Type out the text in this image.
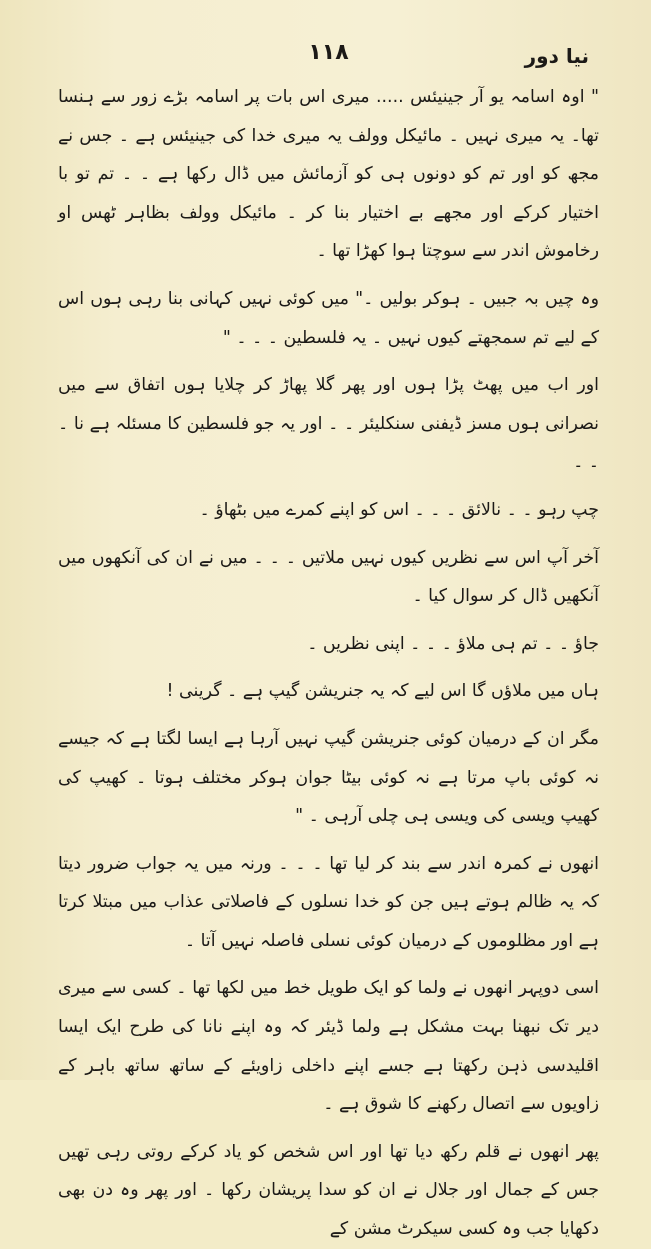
نیا دور
۱۱۸

" اوہ اسامہ یو آر جینیئس ..... میری اس بات پر اسامہ بڑے زور سے ہنسا تھا۔ یہ میری نہیں ۔ مائیکل وولف یہ میری خدا کی جینیئس ہے ۔ جس نے مجھ کو اور تم کو دونوں ہی کو آزمائش میں ڈال رکھا ہے ۔ ۔ تم تو با اختیار کرکے اور مجھے بے اختیار بنا کر ۔ مائیکل وولف بظاہر ٹھس او رخاموش اندر سے سوچتا ہوا کھڑا تھا ۔

وہ چیں بہ جبیں ۔ ہوکر بولیں ۔" میں کوئی نہیں کہانی بنا رہی ہوں اس کے لیے تم سمجھتے کیوں نہیں ۔ یہ فلسطین ۔ ۔ ۔ "

اور اب میں پھٹ پڑا ہوں اور پھر گلا پھاڑ کر چلایا ہوں اتفاق سے میں نصرانی ہوں مسز ڈیفنی سنکلیئر ۔ ۔ اور یہ جو فلسطین کا مسئلہ ہے نا ۔ ۔ ۔

چپ رہو ۔ ۔ نالائق ۔ ۔ ۔ اس کو اپنے کمرے میں بٹھاؤ ۔

آخر آپ اس سے نظریں کیوں نہیں ملاتیں ۔ ۔ ۔ میں نے ان کی آنکھوں میں آنکھیں ڈال کر سوال کیا ۔

جاؤ ۔ ۔ تم ہی ملاؤ ۔ ۔ ۔ اپنی نظریں ۔

ہاں میں ملاؤں گا اس لیے کہ یہ جنریشن گیپ ہے ۔ گرینی !

مگر ان کے درمیان کوئی جنریشن گیپ نہیں آرہا ہے ایسا لگتا ہے کہ جیسے نہ کوئی باپ مرتا ہے نہ کوئی بیٹا جوان ہوکر مختلف ہوتا ۔ کھیپ کی کھیپ ویسی کی ویسی ہی چلی آرہی ۔ "

انھوں نے کمرہ اندر سے بند کر لیا تھا ۔ ۔ ۔ ورنہ میں یہ جواب ضرور دیتا کہ یہ ظالم ہوتے ہیں جن کو خدا نسلوں کے فاصلاتی عذاب میں مبتلا کرتا ہے اور مظلوموں کے درمیان کوئی نسلی فاصلہ نہیں آتا ۔

اسی دوپہر انھوں نے ولما کو ایک طویل خط میں لکھا تھا ۔ کسی سے میری دیر تک نبھنا بہت مشکل ہے ولما ڈیئر کہ وہ اپنے نانا کی طرح ایک ایسا اقلیدسی ذہن رکھتا ہے جسے اپنے داخلی زاویئے کے ساتھ ساتھ باہر کے زاویوں سے اتصال رکھنے کا شوق ہے ۔

پھر انھوں نے قلم رکھ دیا تھا اور اس شخص کو یاد کرکے روتی رہی تھیں جس کے جمال اور جلال نے ان کو سدا پریشان رکھا ۔ اور پھر وہ دن بھی دکھایا جب وہ کسی سیکرٹ مشن کے
